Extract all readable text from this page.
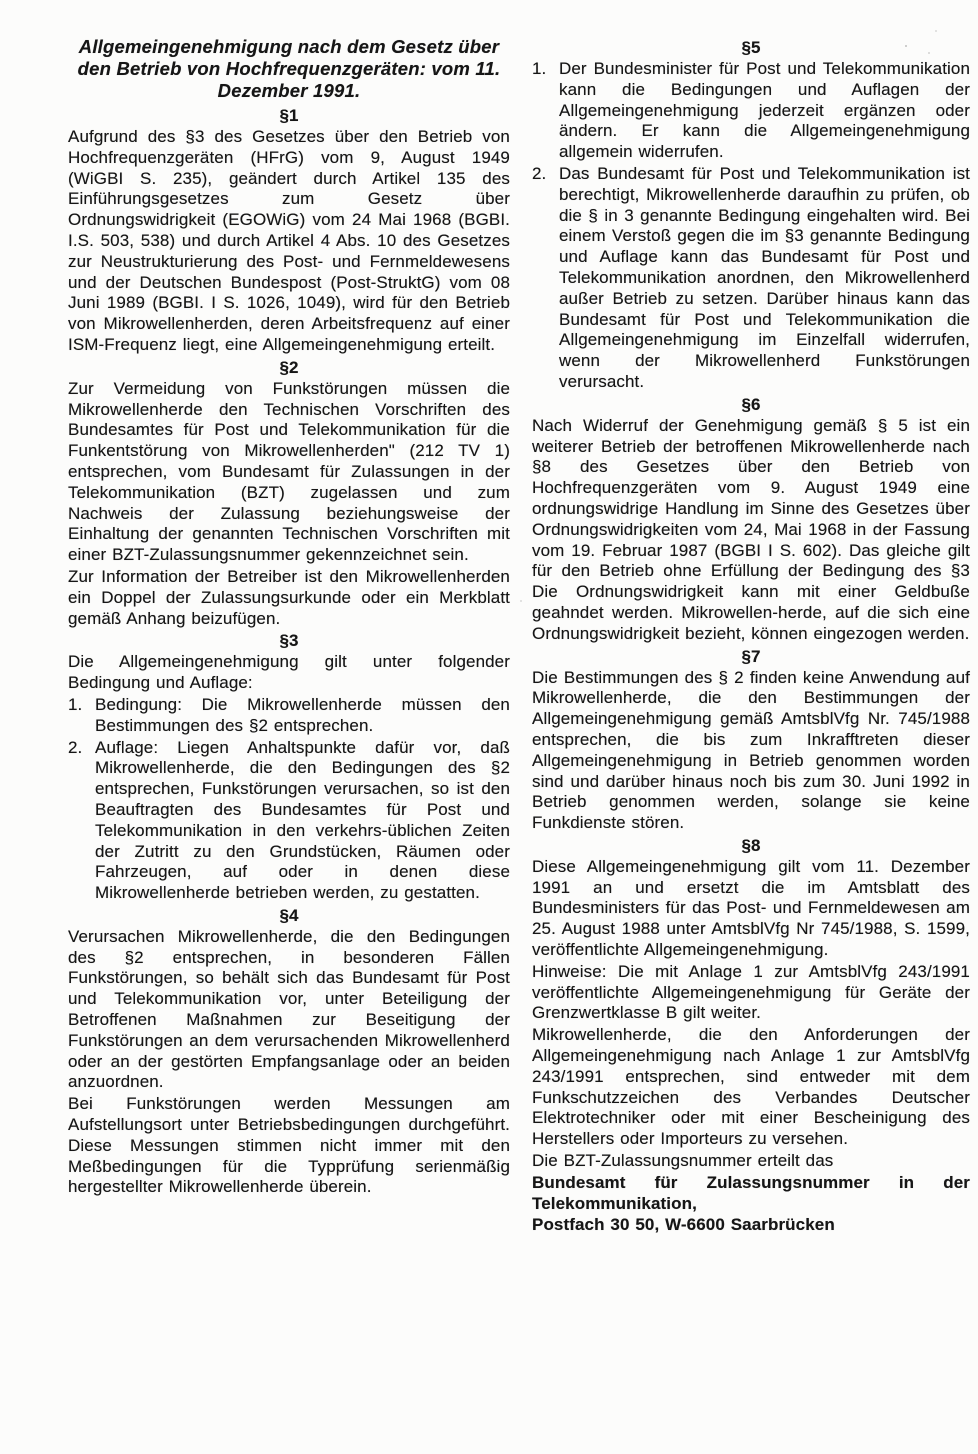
Allgemeingenehmigung nach dem Gesetz über den Betrieb von Hochfrequenzgeräten: vom 11. Dezember 1991.
§1

Aufgrund des §3 des Gesetzes über den Betrieb von Hochfrequenzgeräten (HFrG) vom 9, August 1949 (WiGBI S. 235), geändert durch Artikel 135 des Einführungsgesetzes zum Gesetz über Ordnungswidrigkeit (EGOWiG) vom 24 Mai 1968 (BGBI. I.S. 503, 538) und durch Artikel 4 Abs. 10 des Gesetzes zur Neustrukturierung des Post- und Fernmeldewesens und der Deutschen Bundespost (Post-StruktG) vom 08 Juni 1989 (BGBI. I S. 1026, 1049), wird für den Betrieb von Mikrowellenherden, deren Arbeitsfrequenz auf einer ISM-Frequenz liegt, eine Allgemeingenehmigung erteilt.

§2

Zur Vermeidung von Funkstörungen müssen die Mikrowellenherde den Technischen Vorschriften des Bundesamtes für Post und Telekommunikation für die Funkentstörung von Mikrowellenherden" (212 TV 1) entsprechen, vom Bundesamt für Zulassungen in der Telekommunikation (BZT) zugelassen und zum Nachweis der Zulassung beziehungsweise der Einhaltung der genannten Technischen Vorschriften mit einer BZT-Zulassungsnummer gekennzeichnet sein.

Zur Information der Betreiber ist den Mikrowellenherden ein Doppel der Zulassungsurkunde oder ein Merkblatt gemäß Anhang beizufügen.

§3

Die Allgemeingenehmigung gilt unter folgender Bedingung und Auflage:

1. Bedingung: Die Mikrowellenherde müssen den Bestimmungen des §2 entsprechen.
2. Auflage: Liegen Anhaltspunkte dafür vor, daß Mikrowellenherde, die den Bedingungen des §2 entsprechen, Funkstörungen verursachen, so ist den Beauftragten des Bundesamtes für Post und Telekommunikation in den verkehrs-üblichen Zeiten der Zutritt zu den Grundstücken, Räumen oder Fahrzeugen, auf oder in denen diese Mikrowellenherde betrieben werden, zu gestatten.
§4

Verursachen Mikrowellenherde, die den Bedingungen des §2 entsprechen, in besonderen Fällen Funkstörungen, so behält sich das Bundesamt für Post und Telekommunikation vor, unter Beteiligung der Betroffenen Maßnahmen zur Beseitigung der Funkstörungen an dem verursachenden Mikrowellenherd oder an der gestörten Empfangsanlage oder an beiden anzuordnen.

Bei Funkstörungen werden Messungen am Aufstellungsort unter Betriebsbedingungen durchgeführt. Diese Messungen stimmen nicht immer mit den Meßbedingungen für die Typprüfung serienmäßig hergestellter Mikrowellenherde überein.

§5
1. Der Bundesminister für Post und Telekommunikation kann die Bedingungen und Auflagen der Allgemeingenehmigung jederzeit ergänzen oder ändern. Er kann die Allgemeingenehmigung allgemein widerrufen.
2. Das Bundesamt für Post und Telekommunikation ist berechtigt, Mikrowellenherde daraufhin zu prüfen, ob die § in 3 genannte Bedingung eingehalten wird. Bei einem Verstoß gegen die im §3 genannte Bedingung und Auflage kann das Bundesamt für Post und Telekommunikation anordnen, den Mikrowellenherd außer Betrieb zu setzen. Darüber hinaus kann das Bundesamt für Post und Telekommunikation die Allgemeingenehmigung im Einzelfall widerrufen, wenn der Mikrowellenherd Funkstörungen verursacht.
§6

Nach Widerruf der Genehmigung gemäß § 5 ist ein weiterer Betrieb der betroffenen Mikrowellenherde nach §8 des Gesetzes über den Betrieb von Hochfrequenzgeräten vom 9. August 1949 eine ordnungswidrige Handlung im Sinne des Gesetzes über Ordnungswidrigkeiten vom 24, Mai 1968 in der Fassung vom 19. Februar 1987 (BGBI I S. 602). Das gleiche gilt für den Betrieb ohne Erfüllung der Bedingung des §3 Die Ordnungswidrigkeit kann mit einer Geldbuße geahndet werden. Mikrowellen-herde, auf die sich eine Ordnungswidrigkeit bezieht, können eingezogen werden.

§7

Die Bestimmungen des § 2 finden keine Anwendung auf Mikrowellenherde, die den Bestimmungen der Allgemeingenehmigung gemäß AmtsblVfg Nr. 745/1988 entsprechen, die bis zum Inkrafftreten dieser Allgemeingenehmigung in Betrieb genommen worden sind und darüber hinaus noch bis zum 30. Juni 1992 in Betrieb genommen werden, solange sie keine Funkdienste stören.

§8

Diese Allgemeingenehmigung gilt vom 11. Dezember 1991 an und ersetzt die im Amtsblatt des Bundesministers für das Post- und Fernmeldewesen am 25. August 1988 unter AmtsblVfg Nr 745/1988, S. 1599, veröffentlichte Allgemeingenehmigung.

Hinweise: Die mit Anlage 1 zur AmtsblVfg 243/1991 veröffentlichte Allgemeingenehmigung für Geräte der Grenzwertklasse B gilt weiter.

Mikrowellenherde, die den Anforderungen der Allgemeingenehmigung nach Anlage 1 zur AmtsblVfg 243/1991 entsprechen, sind entweder mit dem Funkschutzzeichen des Verbandes Deutscher Elektrotechniker oder mit einer Bescheinigung des Herstellers oder Importeurs zu versehen.

Die BZT-Zulassungsnummer erteilt das

Bundesamt für Zulassungsnummer in der Telekommunikation,

Postfach 30 50, W-6600 Saarbrücken
